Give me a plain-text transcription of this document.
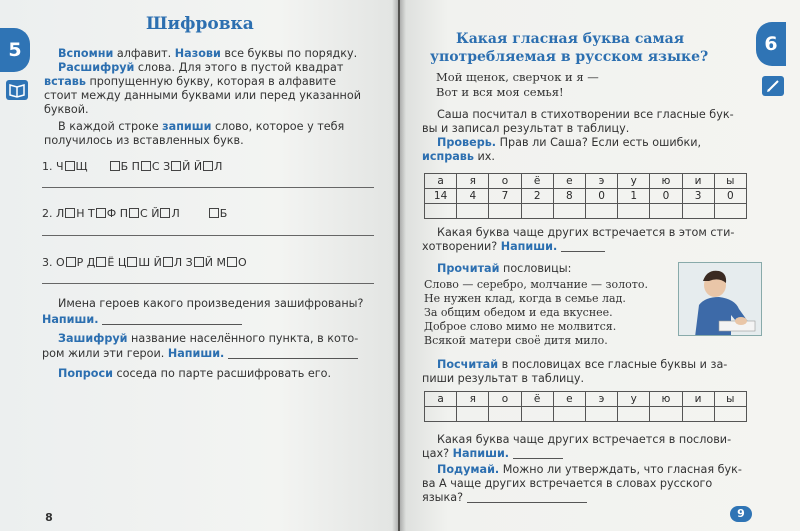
5
Шифровка
Вспомни алфавит. Назови все буквы по порядку.
Расшифруй слова. Для этого в пустой квадрат
вставь пропущенную букву, которая в алфавите
стоит между данными буквами или перед указанной
буквой.
В каждой строке запиши слово, которое у тебя
получилось из вставленных букв.
1. Ч Щ	Б П С З Й Й Л
2. Л Н Т Ф П С Й Л	Б
3. О Р Д Ё Ц Ш Й Л З Й М О
Имена героев какого произведения зашифрованы?
Напиши.
Зашифруй название населённого пункта, в кото-
ром жили эти герои. Напиши.
Попроси соседа по парте расшифровать его.
8
6
Какая гласная буква самая
употребляемая в русском языке?
Мой щенок, сверчок и я —
Вот и вся моя семья!
Саша посчитал в стихотворении все гласные бук-
вы и записал результат в таблицу.
Проверь. Прав ли Саша? Если есть ошибки,
исправь их.
а	я	о	ё	е	э	у	ю	и	ы
14	4	7	2	8	0	1	0	3	0

Какая буква чаще других встречается в этом сти-
хотворении? Напиши.
Прочитай пословицы:
Слово — серебро, молчание — золото.
Не нужен клад, когда в семье лад.
За общим обедом и еда вкуснее.
Доброе слово мимо не молвится.
Всякой матери своё дитя мило.
Посчитай в пословицах все гласные буквы и за-
пиши результат в таблицу.
а	я	о	ё	е	э	у	ю	и	ы

Какая буква чаще других встречается в послови-
цах? Напиши.
Подумай. Можно ли утверждать, что гласная бук-
ва А чаще других встречается в словах русского
языка?
9
